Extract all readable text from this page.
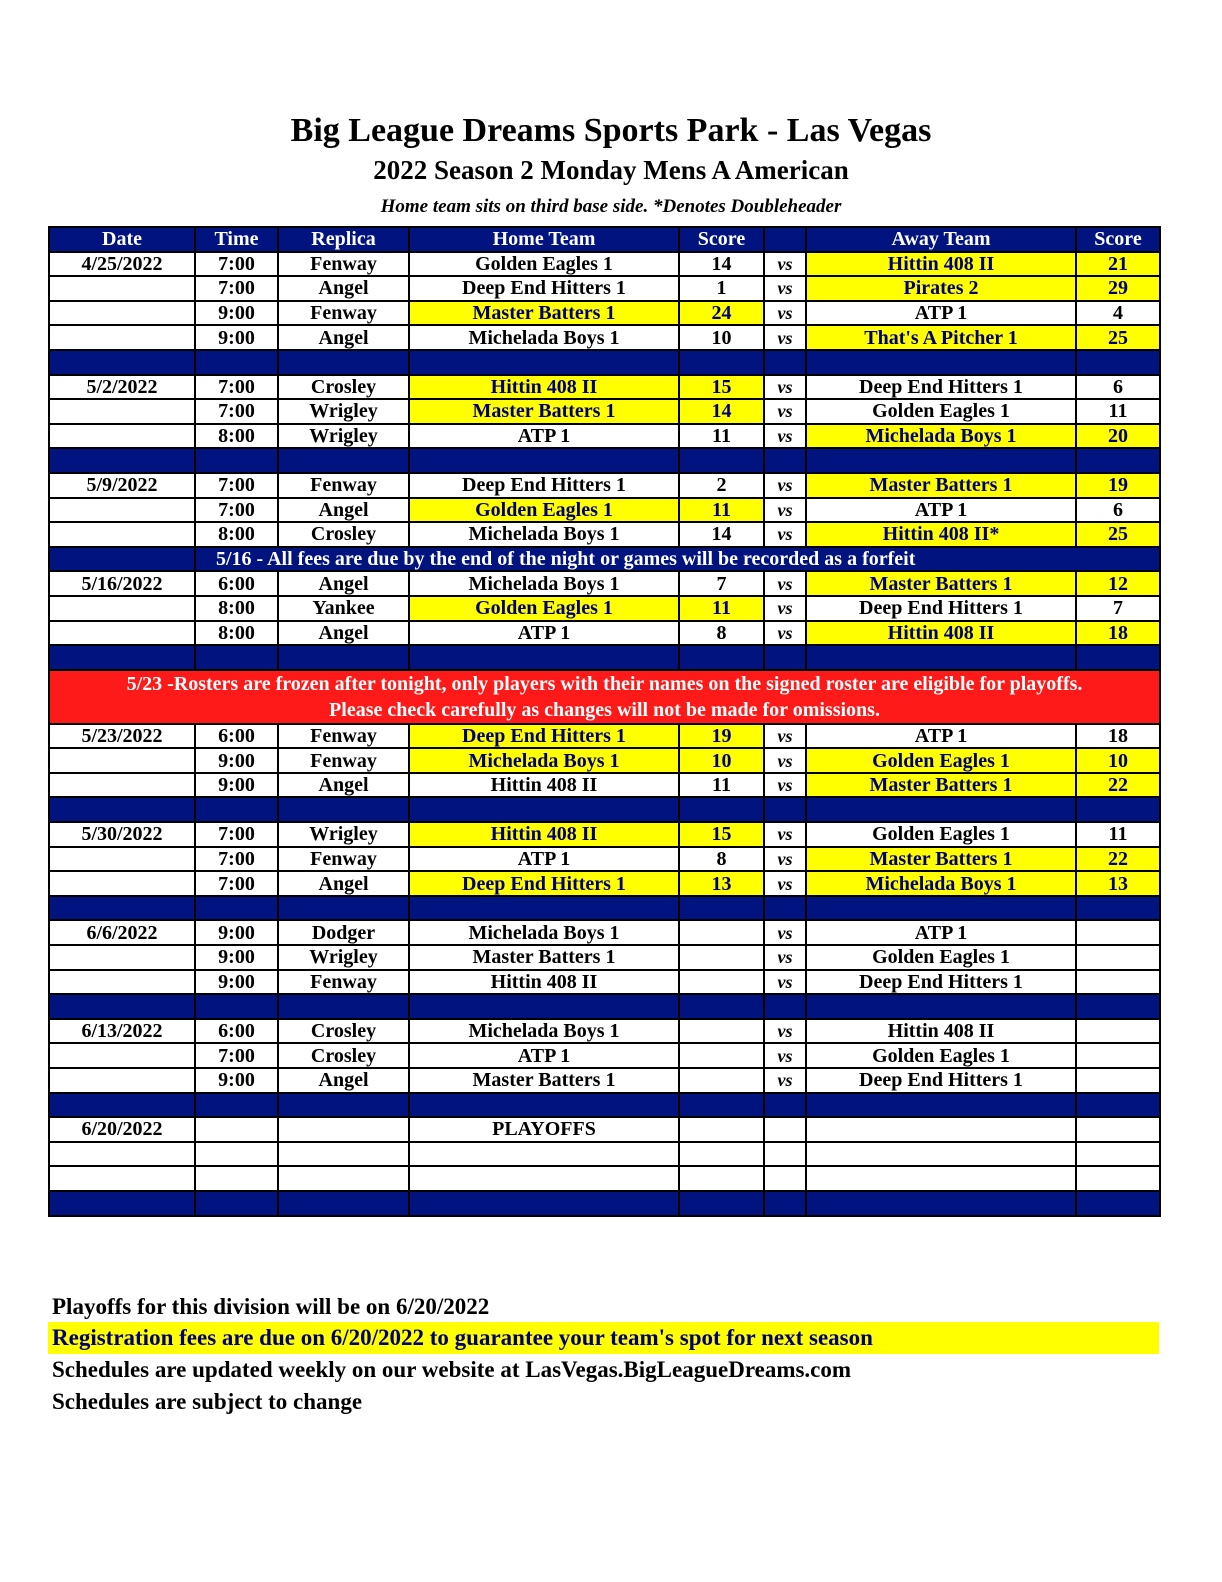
Big League Dreams Sports Park - Las Vegas
2022 Season 2 Monday Mens A American
Home team sits on third base side. *Denotes Doubleheader
Date	Time	Replica	Home Team	Score		Away Team	Score
4/25/2022	7:00	Fenway	Golden Eagles 1	14	vs	Hittin 408 II	21
	7:00	Angel	Deep End Hitters 1	1	vs	Pirates 2	29
	9:00	Fenway	Master Batters 1	24	vs	ATP 1	4
	9:00	Angel	Michelada Boys 1	10	vs	That's A Pitcher 1	25

5/2/2022	7:00	Crosley	Hittin 408 II	15	vs	Deep End Hitters 1	6
	7:00	Wrigley	Master Batters 1	14	vs	Golden Eagles 1	11
	8:00	Wrigley	ATP 1	11	vs	Michelada Boys 1	20

5/9/2022	7:00	Fenway	Deep End Hitters 1	2	vs	Master Batters 1	19
	7:00	Angel	Golden Eagles 1	11	vs	ATP 1	6
	8:00	Crosley	Michelada Boys 1	14	vs	Hittin 408 II*	25
	5/16 - All fees are due by the end of the night or games will be recorded as a forfeit						
5/16/2022	6:00	Angel	Michelada Boys 1	7	vs	Master Batters 1	12
	8:00	Yankee	Golden Eagles 1	11	vs	Deep End Hitters 1	7
	8:00	Angel	ATP 1	8	vs	Hittin 408 II	18

5/23 -Rosters are frozen after tonight, only players with their names on the signed roster are eligible for playoffs.
Please check carefully as changes will not be made for omissions.							

5/23/2022	6:00	Fenway	Deep End Hitters 1	19	vs	ATP 1	18
	9:00	Fenway	Michelada Boys 1	10	vs	Golden Eagles 1	10
	9:00	Angel	Hittin 408 II	11	vs	Master Batters 1	22

5/30/2022	7:00	Wrigley	Hittin 408 II	15	vs	Golden Eagles 1	11
	7:00	Fenway	ATP 1	8	vs	Master Batters 1	22
	7:00	Angel	Deep End Hitters 1	13	vs	Michelada Boys 1	13

6/6/2022	9:00	Dodger	Michelada Boys 1		vs	ATP 1	
	9:00	Wrigley	Master Batters 1		vs	Golden Eagles 1	
	9:00	Fenway	Hittin 408 II		vs	Deep End Hitters 1	

6/13/2022	6:00	Crosley	Michelada Boys 1		vs	Hittin 408 II	
	7:00	Crosley	ATP 1		vs	Golden Eagles 1	
	9:00	Angel	Master Batters 1		vs	Deep End Hitters 1	

6/20/2022			PLAYOFFS				

Playoffs for this division will be on 6/20/2022
Registration fees are due on 6/20/2022 to guarantee your team's spot for next season
Schedules are updated weekly on our website at LasVegas.BigLeagueDreams.com
Schedules are subject to change
